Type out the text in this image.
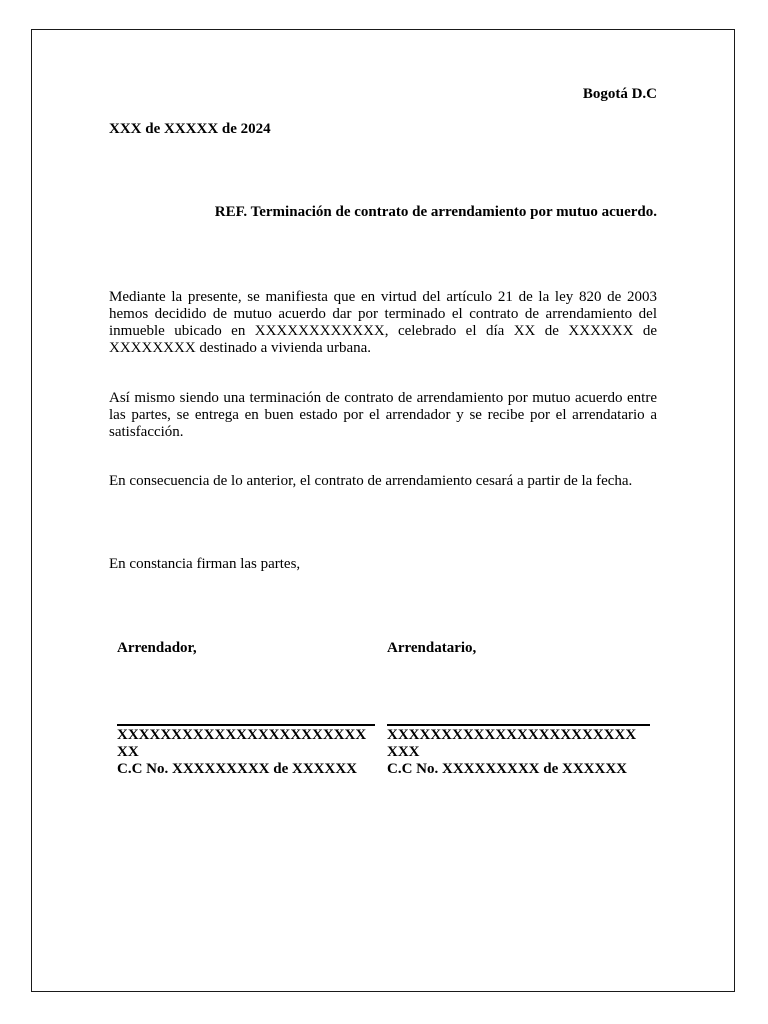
Bogotá D.C
XXX de XXXXX de 2024
REF. Terminación de contrato de arrendamiento por mutuo acuerdo.
Mediante la presente, se manifiesta que en virtud del artículo 21 de la ley 820 de 2003 hemos decidido de mutuo acuerdo dar por terminado el contrato de arrendamiento del inmueble ubicado en XXXXXXXXXXXX, celebrado el día XX de XXXXXX de XXXXXXXX destinado a vivienda urbana.
Así mismo siendo una terminación de contrato de arrendamiento por mutuo acuerdo entre las partes, se entrega en buen estado por el arrendador y se recibe por el arrendatario a satisfacción.
En consecuencia de lo anterior, el contrato de arrendamiento cesará a partir de la fecha.
En constancia firman las partes,
Arrendador,
XXXXXXXXXXXXXXXXXXXXXXXXX
C.C No. XXXXXXXXX de XXXXXX
Arrendatario,
XXXXXXXXXXXXXXXXXXXXXXXXXX
C.C No. XXXXXXXXX de XXXXXX
